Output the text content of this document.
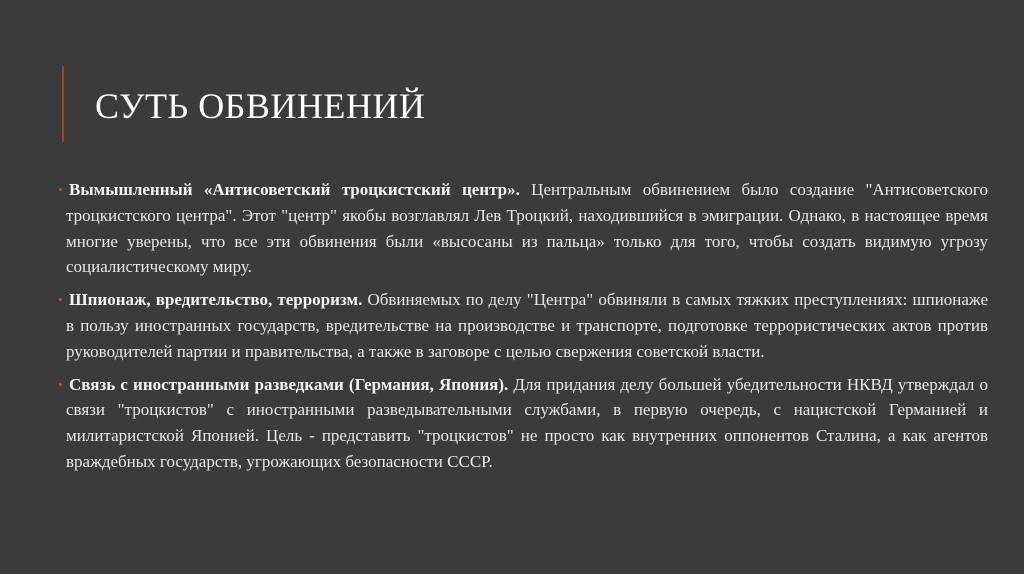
СУТЬ ОБВИНЕНИЙ
• Вымышленный «Антисоветский троцкистский центр». Центральным обвинением было создание "Антисоветского троцкистского центра". Этот "центр" якобы возглавлял Лев Троцкий, находившийся в эмиграции. Однако, в настоящее время многие уверены, что все эти обвинения были «высосаны из пальца» только для того, чтобы создать видимую угрозу социалистическому миру.
• Шпионаж, вредительство, терроризм. Обвиняемых по делу "Центра" обвиняли в самых тяжких преступлениях: шпионаже в пользу иностранных государств, вредительстве на производстве и транспорте, подготовке террористических актов против руководителей партии и правительства, а также в заговоре с целью свержения советской власти.
• Связь с иностранными разведками (Германия, Япония). Для придания делу большей убедительности НКВД утверждал о связи "троцкистов" с иностранными разведывательными службами, в первую очередь, с нацистской Германией и милитаристской Японией. Цель - представить "троцкистов" не просто как внутренних оппонентов Сталина, а как агентов враждебных государств, угрожающих безопасности СССР.
